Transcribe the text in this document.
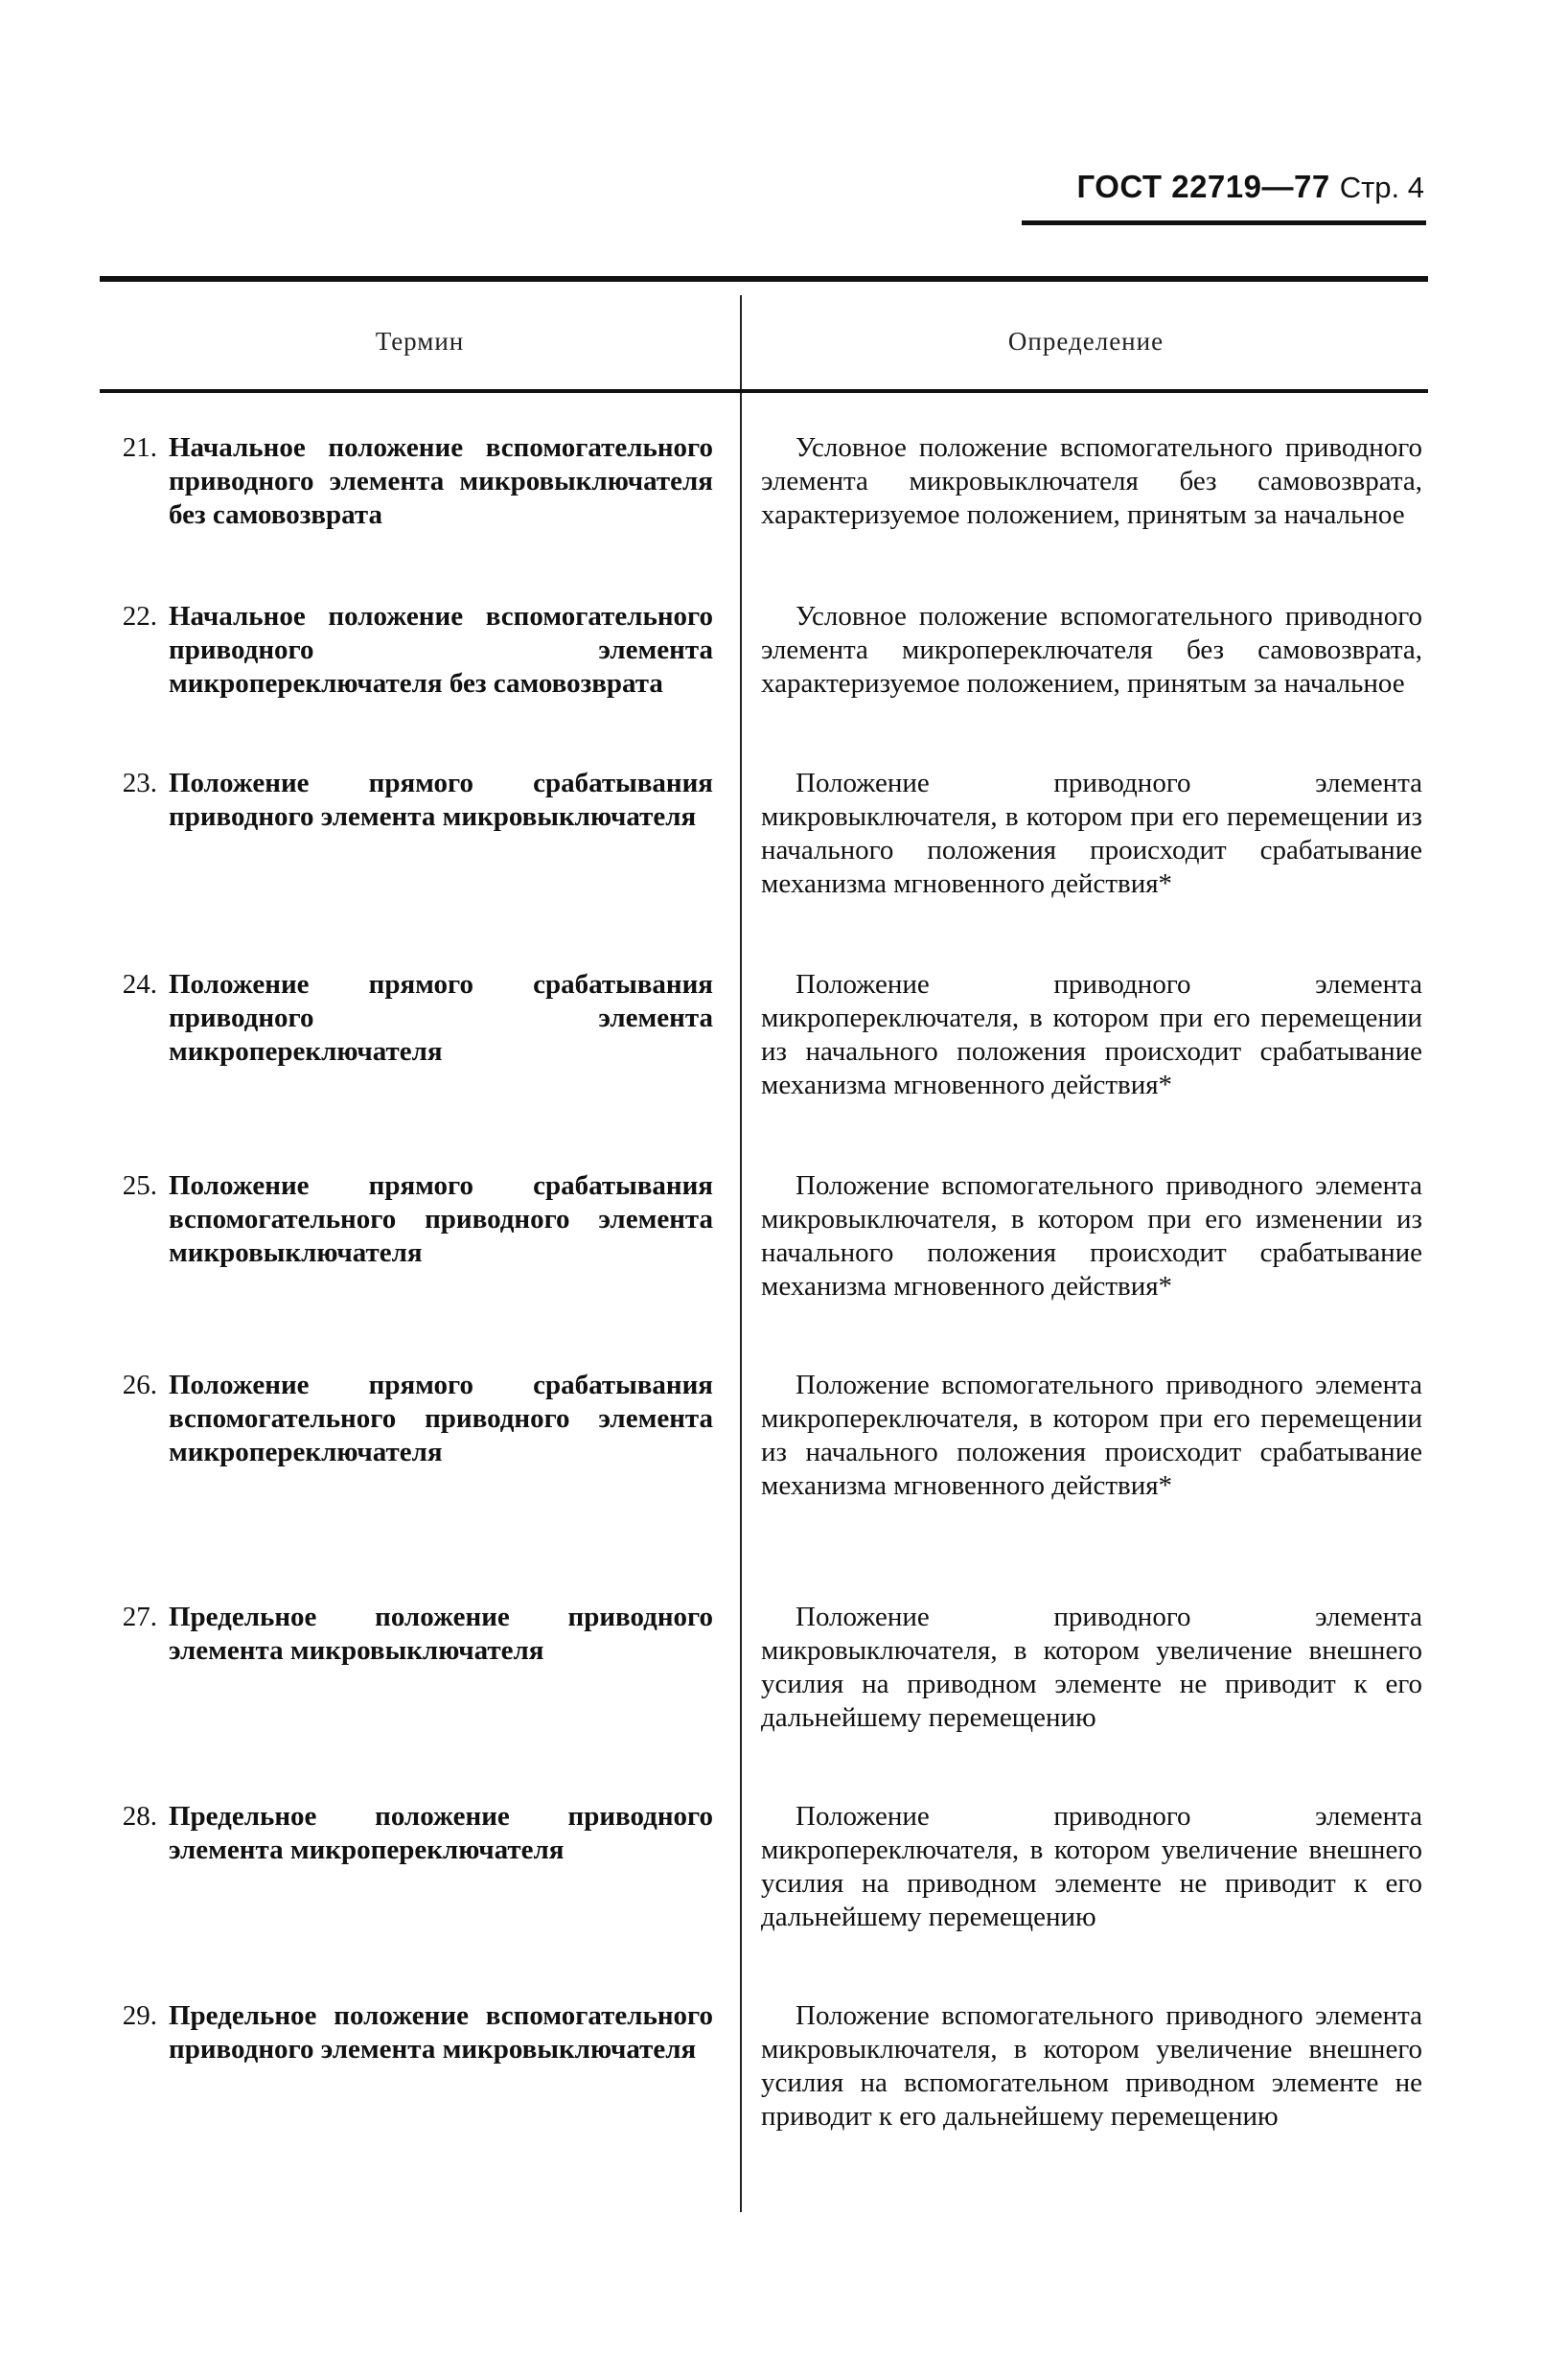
ГОСТ 22719—77 Стр. 4
Термин	Определение
21. Начальное положение вспомогательного приводного элемента микровыключателя без самовозврата
Условное положение вспомогательного приводного элемента микровыключателя без самовозврата, характеризуемое положением, принятым за начальное
22. Начальное положение вспомогательного приводного элемента микропереключателя без самовозврата
Условное положение вспомогательного приводного элемента микропереключателя без самовозврата, характеризуемое положением, принятым за начальное
23. Положение прямого срабатывания приводного элемента микровыключателя
Положение приводного элемента микровыключателя, в котором при его перемещении из начального положения происходит срабатывание механизма мгновенного действия*
24. Положение прямого срабатывания приводного элемента микропереключателя
Положение приводного элемента микропереключателя, в котором при его перемещении из начального положения происходит срабатывание механизма мгновенного действия*
25. Положение прямого срабатывания вспомогательного приводного элемента микровыключателя
Положение вспомогательного приводного элемента микровыключателя, в котором при его изменении из начального положения происходит срабатывание механизма мгновенного действия*
26. Положение прямого срабатывания вспомогательного приводного элемента микропереключателя
Положение вспомогательного приводного элемента микропереключателя, в котором при его перемещении из начального положения происходит срабатывание механизма мгновенного действия*
27. Предельное положение приводного элемента микровыключателя
Положение приводного элемента микровыключателя, в котором увеличение внешнего усилия на приводном элементе не приводит к его дальнейшему перемещению
28. Предельное положение приводного элемента микропереключателя
Положение приводного элемента микропереключателя, в котором увеличение внешнего усилия на приводном элементе не приводит к его дальнейшему перемещению
29. Предельное положение вспомогательного приводного элемента микровыключателя
Положение вспомогательного приводного элемента микровыключателя, в котором увеличение внешнего усилия на вспомогательном приводном элементе не приводит к его дальнейшему перемещению
